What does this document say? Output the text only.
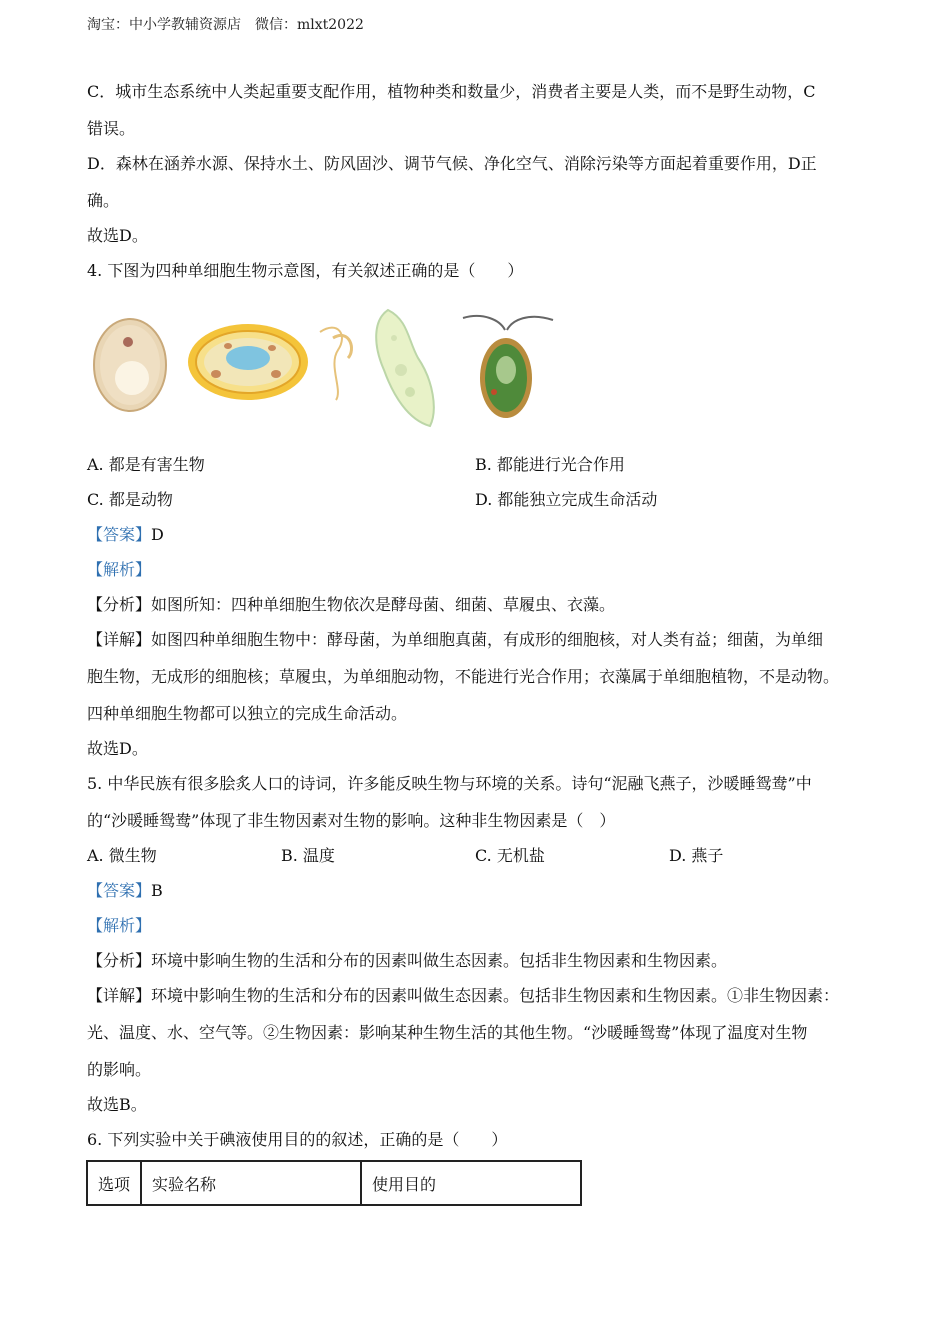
淘宝：中小学教辅资源店　微信：mlxt2022
C．城市生态系统中人类起重要支配作用，植物种类和数量少，消费者主要是人类，而不是野生动物，C
错误。
D．森林在涵养水源、保持水土、防风固沙、调节气候、净化空气、消除污染等方面起着重要作用，D正
确。
故选D。
4. 下图为四种单细胞生物示意图，有关叙述正确的是（　　）
A. 都是有害生物	B. 都能进行光合作用
C. 都是动物	D. 都能独立完成生命活动
【答案】D
【解析】
【分析】如图所知：四种单细胞生物依次是酵母菌、细菌、草履虫、衣藻。
【详解】如图四种单细胞生物中：酵母菌，为单细胞真菌，有成形的细胞核，对人类有益；细菌，为单细
胞生物，无成形的细胞核；草履虫，为单细胞动物，不能进行光合作用；衣藻属于单细胞植物，不是动物。
四种单细胞生物都可以独立的完成生命活动。
故选D。
5. 中华民族有很多脍炙人口的诗词，许多能反映生物与环境的关系。诗句“泥融飞燕子，沙暖睡鸳鸯”中
的“沙暖睡鸳鸯”体现了非生物因素对生物的影响。这种非生物因素是（　）
A. 微生物	B. 温度	C. 无机盐	D. 燕子
【答案】B
【解析】
【分析】环境中影响生物的生活和分布的因素叫做生态因素。包括非生物因素和生物因素。
【详解】环境中影响生物的生活和分布的因素叫做生态因素。包括非生物因素和生物因素。①非生物因素：
光、温度、水、空气等。②生物因素：影响某种生物生活的其他生物。“沙暖睡鸳鸯”体现了温度对生物
的影响。
故选B。
6. 下列实验中关于碘液使用目的的叙述，正确的是（　　）
选项	实验名称	使用目的
